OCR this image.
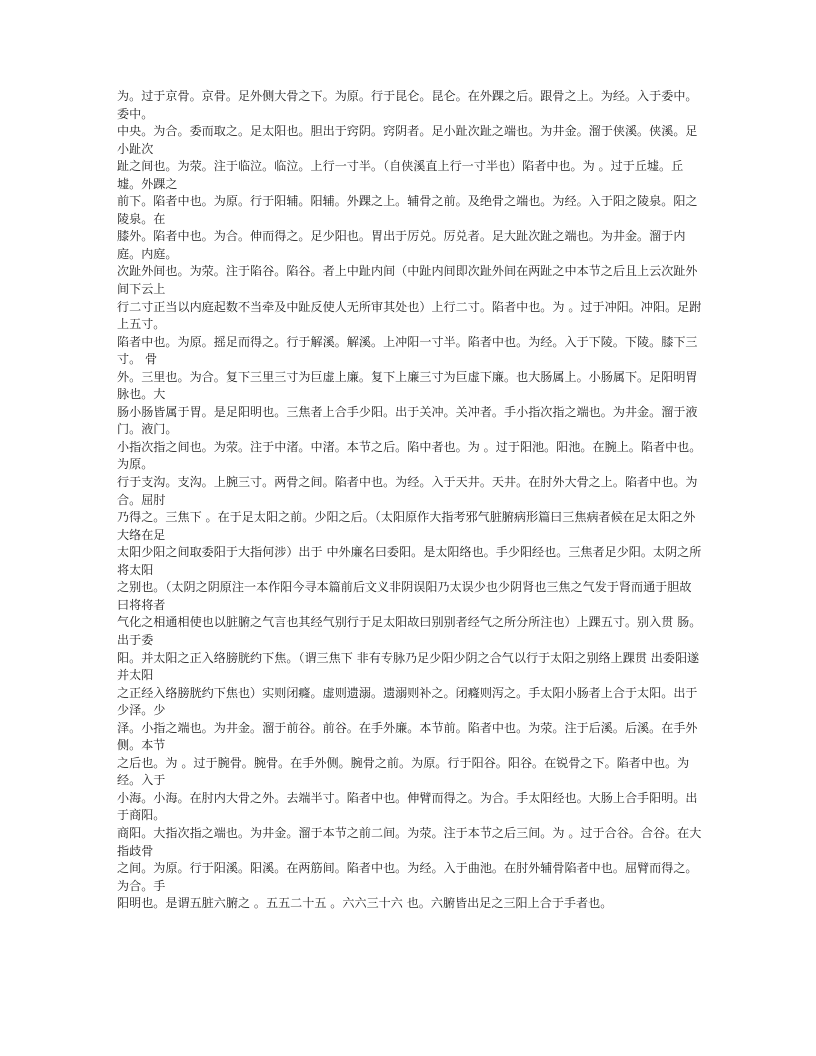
为。过于京骨。京骨。足外侧大骨之下。为原。行于昆仑。昆仑。在外踝之后。跟骨之上。为经。入于委中。委中。

中央。为合。委而取之。足太阳也。胆出于窍阴。窍阴者。足小趾次趾之端也。为井金。溜于侠溪。侠溪。足小趾次

趾之间也。为荥。注于临泣。临泣。上行一寸半。（自侠溪直上行一寸半也）陷者中也。为 。过于丘墟。丘墟。外踝之

前下。陷者中也。为原。行于阳辅。阳辅。外踝之上。辅骨之前。及绝骨之端也。为经。入于阳之陵泉。阳之陵泉。在

膝外。陷者中也。为合。伸而得之。足少阳也。胃出于厉兑。厉兑者。足大趾次趾之端也。为井金。溜于内庭。内庭。

次趾外间也。为荥。注于陷谷。陷谷。者上中趾内间（中趾内间即次趾外间在两趾之中本节之后且上云次趾外间下云上

行二寸正当以内庭起数不当牵及中趾反使人无所审其处也）上行二寸。陷者中也。为 。过于冲阳。冲阳。足跗上五寸。

陷者中也。为原。摇足而得之。行于解溪。解溪。上冲阳一寸半。陷者中也。为经。入于下陵。下陵。膝下三寸。 骨

外。三里也。为合。复下三里三寸为巨虚上廉。复下上廉三寸为巨虚下廉。也大肠属上。小肠属下。足阳明胃脉也。大

肠小肠皆属于胃。是足阳明也。三焦者上合手少阳。出于关冲。关冲者。手小指次指之端也。为井金。溜于液门。液门。

小指次指之间也。为荥。注于中渚。中渚。本节之后。陷中者也。为 。过于阳池。阳池。在腕上。陷者中也。为原。

行于支沟。支沟。上腕三寸。两骨之间。陷者中也。为经。入于天井。天井。在肘外大骨之上。陷者中也。为合。屈肘

乃得之。三焦下 。在于足太阳之前。少阳之后。（太阳原作大指考邪气脏腑病形篇曰三焦病者候在足太阳之外大络在足

太阳少阳之间取委阳于大指何涉）出于 中外廉名曰委阳。是太阳络也。手少阳经也。三焦者足少阳。太阴之所将太阳

之别也。（太阴之阴原注一本作阳今寻本篇前后文义非阴误阳乃太误少也少阴肾也三焦之气发于肾而通于胆故曰将将者

气化之相通相使也以脏腑之气言也其经气别行于足太阳故曰别别者经气之所分所注也）上踝五寸。别入贯 肠。出于委

阳。并太阳之正入络膀胱约下焦。（谓三焦下 非有专脉乃足少阳少阴之合气以行于太阳之别络上踝贯 出委阳遂并太阳

之正经入络膀胱约下焦也）实则闭癃。虚则遗溺。遗溺则补之。闭癃则泻之。手太阳小肠者上合于太阳。出于少泽。少

泽。小指之端也。为井金。溜于前谷。前谷。在手外廉。本节前。陷者中也。为荥。注于后溪。后溪。在手外侧。本节

之后也。为 。过于腕骨。腕骨。在手外侧。腕骨之前。为原。行于阳谷。阳谷。在锐骨之下。陷者中也。为经。入于

小海。小海。在肘内大骨之外。去端半寸。陷者中也。伸臂而得之。为合。手太阳经也。大肠上合手阳明。出于商阳。

商阳。大指次指之端也。为井金。溜于本节之前二间。为荥。注于本节之后三间。为 。过于合谷。合谷。在大指歧骨

之间。为原。行于阳溪。阳溪。在两筋间。陷者中也。为经。入于曲池。在肘外辅骨陷者中也。屈臂而得之。为合。手

阳明也。是谓五脏六腑之 。五五二十五 。六六三十六 也。六腑皆出足之三阳上合于手者也。
